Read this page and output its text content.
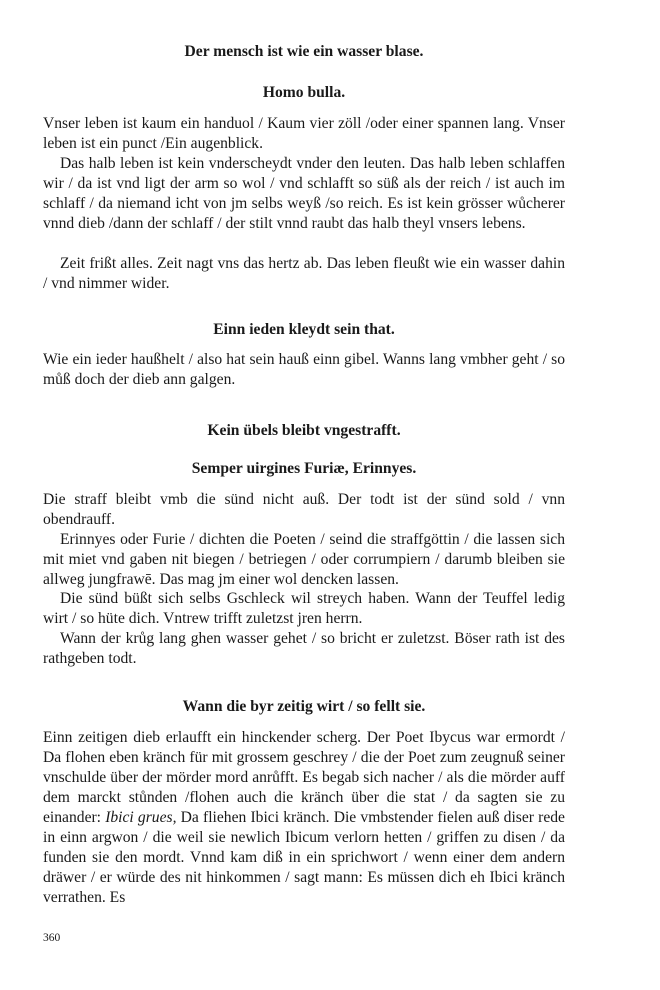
Der mensch ist wie ein wasser blase.
Homo bulla.

Vnser leben ist kaum ein handuol / Kaum vier zöll /oder einer spannen lang. Vnser leben ist ein punct /Ein augenblick.

Das halb leben ist kein vnderscheydt vnder den leuten. Das halb leben schlaffen wir / da ist vnd ligt der arm so wol / vnd schlafft so süß als der reich / ist auch im schlaff / da niemand icht von jm selbs weyß /so reich. Es ist kein grösser wůcherer vnnd dieb /dann der schlaff / der stilt vnnd raubt das halb theyl vnsers lebens.

Zeit frißt alles. Zeit nagt vns das hertz ab. Das leben fleußt wie ein wasser dahin / vnd nimmer wider.

Einn ieden kleydt sein that.

Wie ein ieder haußhelt / also hat sein hauß einn gibel. Wanns lang vmbher geht / so můß doch der dieb ann galgen.

Kein übels bleibt vngestrafft.
Semper uirgines Furiæ, Erinnyes.

Die straff bleibt vmb die sünd nicht auß. Der todt ist der sünd sold / vnn obendrauff.

Erinnyes oder Furie / dichten die Poeten / seind die straffgöttin / die lassen sich mit miet vnd gaben nit biegen / betriegen / oder corrumpiern / darumb bleiben sie allweg jungfrawē. Das mag jm einer wol dencken lassen.

Die sünd büßt sich selbs Gschleck wil streych haben. Wann der Teuffel ledig wirt / so hüte dich. Vntrew trifft zuletzst jren herrn.

Wann der krůg lang ghen wasser gehet / so bricht er zuletzst. Böser rath ist des rathgeben todt.

Wann die byr zeitig wirt / so fellt sie.

Einn zeitigen dieb erlaufft ein hinckender scherg. Der Poet Ibycus war ermordt / Da flohen eben kränch für mit grossem geschrey / die der Poet zum zeugnuß seiner vnschulde über der mörder mord anrůfft. Es begab sich nacher / als die mörder auff dem marckt stůnden /flohen auch die kränch über die stat / da sagten sie zu einander: Ibici grues, Da fliehen Ibici kränch. Die vmbstender fielen auß diser rede in einn argwon / die weil sie newlich Ibicum verlorn hetten / griffen zu disen / da funden sie den mordt. Vnnd kam diß in ein sprichwort / wenn einer dem andern dräwer / er würde des nit hinkommen / sagt mann: Es müssen dich eh Ibici kränch verrathen. Es

360
